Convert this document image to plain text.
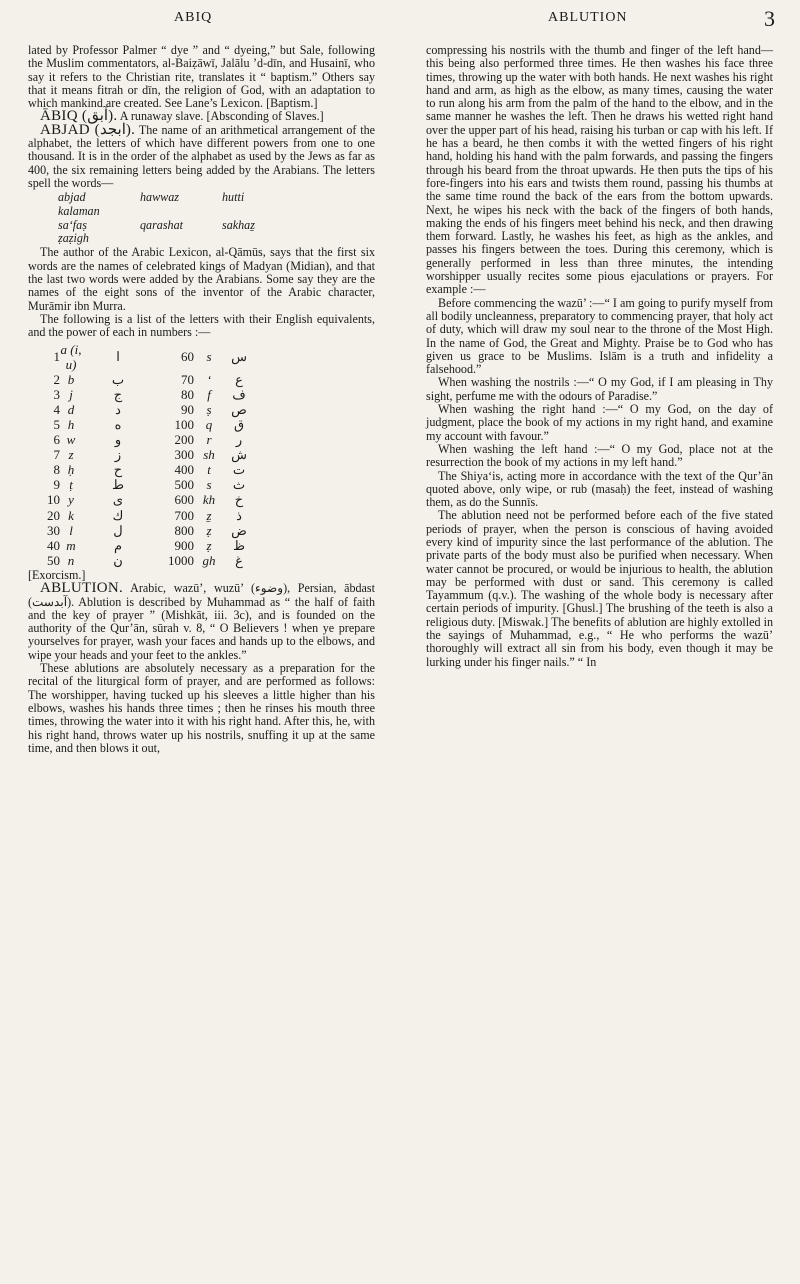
ABIQ	ABLUTION	3

lated by Professor Palmer “ dye ” and “ dyeing,” but Sale, following the Muslim commentators, al-Baiẓāwī, Jalālu ’d-dīn, and Husainī, who say it refers to the Christian rite, translates it “ baptism.” Others say that it means fitrah or dīn, the religion of God, with an adaptation to which mankind are created. See Lane’s Lexicon. [Baptism.]

ĀBIQ (آبق). A runaway slave. [Absconding of Slaves.]

ABJAD (ابجد). The name of an arithmetical arrangement of the alphabet, the letters of which have different powers from one to one thousand. It is in the order of the alphabet as used by the Jews as far as 400, the six remaining letters being added by the Arabians. The letters spell the words—

abjad	hawwaz	huttikalaman
sa‘faṣ	qarashat	sakhaẕẓaẓigh

The author of the Arabic Lexicon, al-Qāmūs, says that the first six words are the names of celebrated kings of Madyan (Midian), and that the last two words were added by the Arabians. Some say they are the names of the eight sons of the inventor of the Arabic character, Murāmir ibn Murra.

The following is a list of the letters with their English equivalents, and the power of each in numbers :—

1	a (i, u)	ا	60	s	س
2	b	ب	70	‘	ع
3	j	ج	80	f	ف
4	d	د	90	ṣ	ص
5	h	ه	100	q	ق
6	w	و	200	r	ر
7	z	ز	300	sh	ش
8	ḥ	ح	400	t	ت
9	ṭ	ط	500	s	ث
10	y	ى	600	kh	خ
20	k	ك	700	ẕ	ذ
30	l	ل	800	ẓ	ض
40	m	م	900	ẓ	ظ
50	n	ن	1000	gh	غ

[Exorcism.]

ABLUTION. Arabic, wazū’, wuzū’ (وضوء), Persian, ābdast (آبدست). Ablution is described by Muhammad as “ the half of faith and the key of prayer ” (Mishkāt, iii. 3c), and is founded on the authority of the Qur’ān, sūrah v. 8, “ O Believers ! when ye prepare yourselves for prayer, wash your faces and hands up to the elbows, and wipe your heads and your feet to the ankles.”

These ablutions are absolutely necessary as a preparation for the recital of the liturgical form of prayer, and are performed as follows: The worshipper, having tucked up his sleeves a little higher than his elbows, washes his hands three times ; then he rinses his mouth three times, throwing the water into it with his right hand. After this, he, with his right hand, throws water up his nostrils, snuffing it up at the same time, and then blows it out,

compressing his nostrils with the thumb and finger of the left hand—this being also performed three times. He then washes his face three times, throwing up the water with both hands. He next washes his right hand and arm, as high as the elbow, as many times, causing the water to run along his arm from the palm of the hand to the elbow, and in the same manner he washes the left. Then he draws his wetted right hand over the upper part of his head, raising his turban or cap with his left. If he has a beard, he then combs it with the wetted fingers of his right hand, holding his hand with the palm forwards, and passing the fingers through his beard from the throat upwards. He then puts the tips of his fore-fingers into his ears and twists them round, passing his thumbs at the same time round the back of the ears from the bottom upwards. Next, he wipes his neck with the back of the fingers of both hands, making the ends of his fingers meet behind his neck, and then drawing them forward. Lastly, he washes his feet, as high as the ankles, and passes his fingers between the toes. During this ceremony, which is generally performed in less than three minutes, the intending worshipper usually recites some pious ejaculations or prayers. For example :—

Before commencing the wazū’ :—“ I am going to purify myself from all bodily uncleanness, preparatory to commencing prayer, that holy act of duty, which will draw my soul near to the throne of the Most High. In the name of God, the Great and Mighty. Praise be to God who has given us grace to be Muslims. Islām is a truth and infidelity a falsehood.”

When washing the nostrils :—“ O my God, if I am pleasing in Thy sight, perfume me with the odours of Paradise.”

When washing the right hand :—“ O my God, on the day of judgment, place the book of my actions in my right hand, and examine my account with favour.”

When washing the left hand :—“ O my God, place not at the resurrection the book of my actions in my left hand.”

The Shiya‘is, acting more in accordance with the text of the Qur’ān quoted above, only wipe, or rub (masaḥ) the feet, instead of washing them, as do the Sunnīs.

The ablution need not be performed before each of the five stated periods of prayer, when the person is conscious of having avoided every kind of impurity since the last performance of the ablution. The private parts of the body must also be purified when necessary. When water cannot be procured, or would be injurious to health, the ablution may be performed with dust or sand. This ceremony is called Tayammum (q.v.). The washing of the whole body is necessary after certain periods of impurity. [Ghusl.] The brushing of the teeth is also a religious duty. [Miswak.] The benefits of ablution are highly extolled in the sayings of Muhammad, e.g., “ He who performs the wazū’ thoroughly will extract all sin from his body, even though it may be lurking under his finger nails.” “ In
